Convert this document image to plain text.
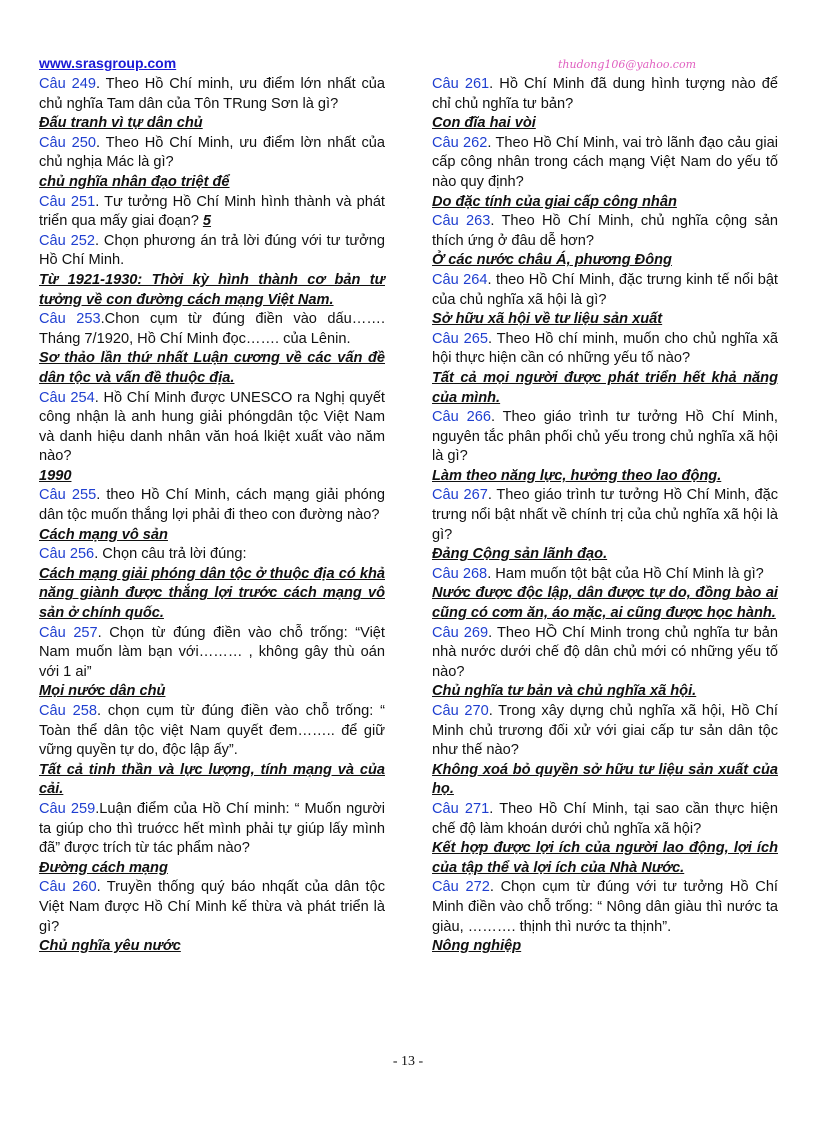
www.srasgroup.com	thudong106@yahoo.com
Câu 249. Theo Hồ Chí minh, ưu điểm lớn nhất của chủ nghĩa Tam dân của Tôn TRung Sơn là gì?
Đấu tranh vì tự dân chủ
Câu 250. Theo Hồ Chí Minh, ưu điểm lờn nhất của chủ nghịa Mác là gì?
chủ nghĩa nhân đạo triệt để
Câu 251. Tư tưởng Hồ Chí Minh hình thành và phát triển qua mấy giai đoạn? 5
Câu 252. Chọn phương án trả lời đúng với tư tưởng Hồ Chí Minh.
Từ 1921-1930: Thời kỳ hình thành cơ bản tư tưởng về con đường cách mạng Việt Nam.
Câu 253.Chon cụm từ đúng điền vào dấu……. Tháng 7/1920, Hồ Chí Minh đọc……. của Lênin.
Sơ thảo lần thứ nhất Luận cương về các vấn đề dân tộc và vấn đề thuộc địa.
Câu 254. Hồ Chí Minh được UNESCO ra Nghị quyết công nhận là anh hung giải phóngdân tộc Việt Nam và danh hiệu danh nhân văn hoá lkiệt xuất vào năm nào?
1990
Câu 255. theo Hồ Chí Minh, cách mạng giải phóng dân tộc muốn thắng lợi phải đi theo con đường nào?
Cách mạng vô sản
Câu 256. Chọn câu trả lời đúng:
Cách mạng giải phóng dân tộc ở thuộc địa có khả năng giành được thắng lợi trước cách mạng vô sản ở chính quốc.
Câu 257. Chọn từ đúng điền vào chỗ trống: “Việt Nam muốn làm bạn với……… , không gây thù oán với 1 ai”
Mọi nước dân chủ
Câu 258. chọn cụm từ đúng điền vào chỗ trống: “ Toàn thể dân tộc việt Nam quyết đem…….. để giữ vững quyền tự do, độc lập ấy”.
Tất cả tinh thần và lực lượng, tính mạng và của cải.
Câu 259.Luận điểm của Hồ Chí minh: “ Muốn người ta giúp cho thì truớcc hết mình phải tự giúp lấy mình đã” được trích từ tác phẩm nào?
Đường cách mạng
Câu 260. Truyền thống quý báo nhqất của dân tộc Việt Nam được Hồ Chí Minh kế thừa và phát triển là gì?
Chủ nghĩa yêu nước
Câu 261. Hồ Chí Minh đã dung hình tượng nào để chỉ chủ nghĩa tư bản?
Con đĩa hai vòi
Câu 262. Theo Hồ Chí Minh, vai trò lãnh đạo cảu giai cấp công nhân trong cách mạng Việt Nam do yếu tố nào quy định?
Do đặc tính của giai cấp công nhân
Câu 263. Theo Hồ Chí Minh, chủ nghĩa cộng sản thích ứng ở đâu dễ hơn?
Ở các nước châu Á, phương Đông
Câu 264. theo Hồ Chí Minh, đặc trưng kinh tế nổi bật của chủ nghĩa xã hội là gì?
Sở hữu xã hội về tư liệu sản xuất
Câu 265. Theo Hồ chí minh, muốn cho chủ nghĩa xã hội thực hiện cần có những yếu tố nào?
Tất cả mọi người được phát triển hết khả năng của mình.
Câu 266. Theo giáo trình tư tưởng Hồ Chí Minh, nguyên tắc phân phối chủ yếu trong chủ nghĩa xã hội là gì?
Làm theo năng lực, hưởng theo lao động.
Câu 267. Theo giáo trình tư tưởng Hồ Chí Minh, đặc trưng nổi bật nhất về chính trị của chủ nghĩa xã hội là gì?
Đảng Cộng sản lãnh đạo.
Câu 268. Ham muốn tột bật của Hồ Chí Minh là gì?
Nước được độc lập, dân được tự do, đồng bào ai cũng có cơm ăn, áo mặc, ai cũng được học hành.
Câu 269. Theo HỒ Chí Minh trong chủ nghĩa tư bản nhà nước dưới chế độ dân chủ mới có những yếu tố nào?
Chủ nghĩa tư bản và chủ nghĩa xã hội.
Câu 270. Trong xây dựng chủ nghĩa xã hội, Hồ Chí Minh chủ trương đối xử với giai cấp tư sản dân tộc như thế nào?
Không xoá bỏ quyền sở hữu tư liệu sản xuất của họ.
Câu 271. Theo Hồ Chí Minh, tại sao cần thực hiện chế độ làm khoán dưới chủ nghĩa xã hội?
Kết hợp được lợi ích của người lao động, lợi ích của tập thể và lợi ích của Nhà Nước.
Câu 272. Chọn cụm từ đúng với tư tưởng Hồ Chí Minh điền vào chỗ trống: “ Nông dân giàu thì nước ta giàu, ………. thịnh thì nước ta thịnh”.
Nông nghiệp
- 13 -
